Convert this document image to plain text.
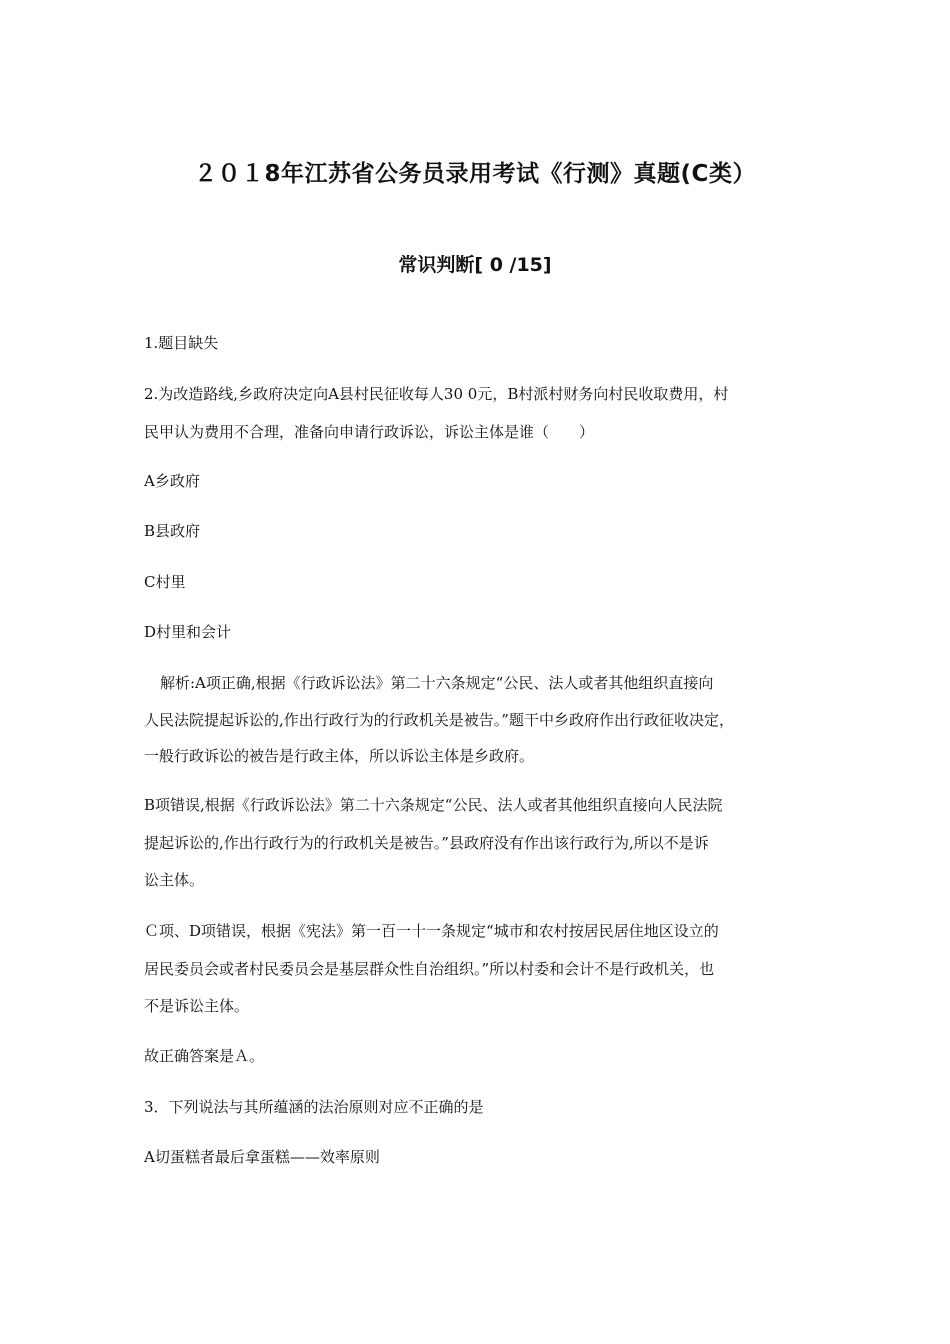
２０１8年江苏省公务员录用考试《行测》真题(C类）
常识判断[ 0 /15]
1.题目缺失
2.为改造路线,乡政府决定向A县村民征收每人30 0元，B村派村财务向村民收取费用，村
民甲认为费用不合理，准备向申请行政诉讼，诉讼主体是谁（　　）
A乡政府
B县政府
C村里
D村里和会计
解析:A项正确,根据《行政诉讼法》第二十六条规定“公民、法人或者其他组织直接向
人民法院提起诉讼的,作出行政行为的行政机关是被告。”题干中乡政府作出行政征收决定，
一般行政诉讼的被告是行政主体，所以诉讼主体是乡政府。
B项错误,根据《行政诉讼法》第二十六条规定“公民、法人或者其他组织直接向人民法院
提起诉讼的,作出行政行为的行政机关是被告。”县政府没有作出该行政行为,所以不是诉
讼主体。
Ｃ项、D项错误，根据《宪法》第一百一十一条规定“城市和农村按居民居住地区设立的
居民委员会或者村民委员会是基层群众性自治组织。”所以村委和会计不是行政机关，也
不是诉讼主体。
故正确答案是Ａ。
3．下列说法与其所蕴涵的法治原则对应不正确的是
A切蛋糕者最后拿蛋糕——效率原则
